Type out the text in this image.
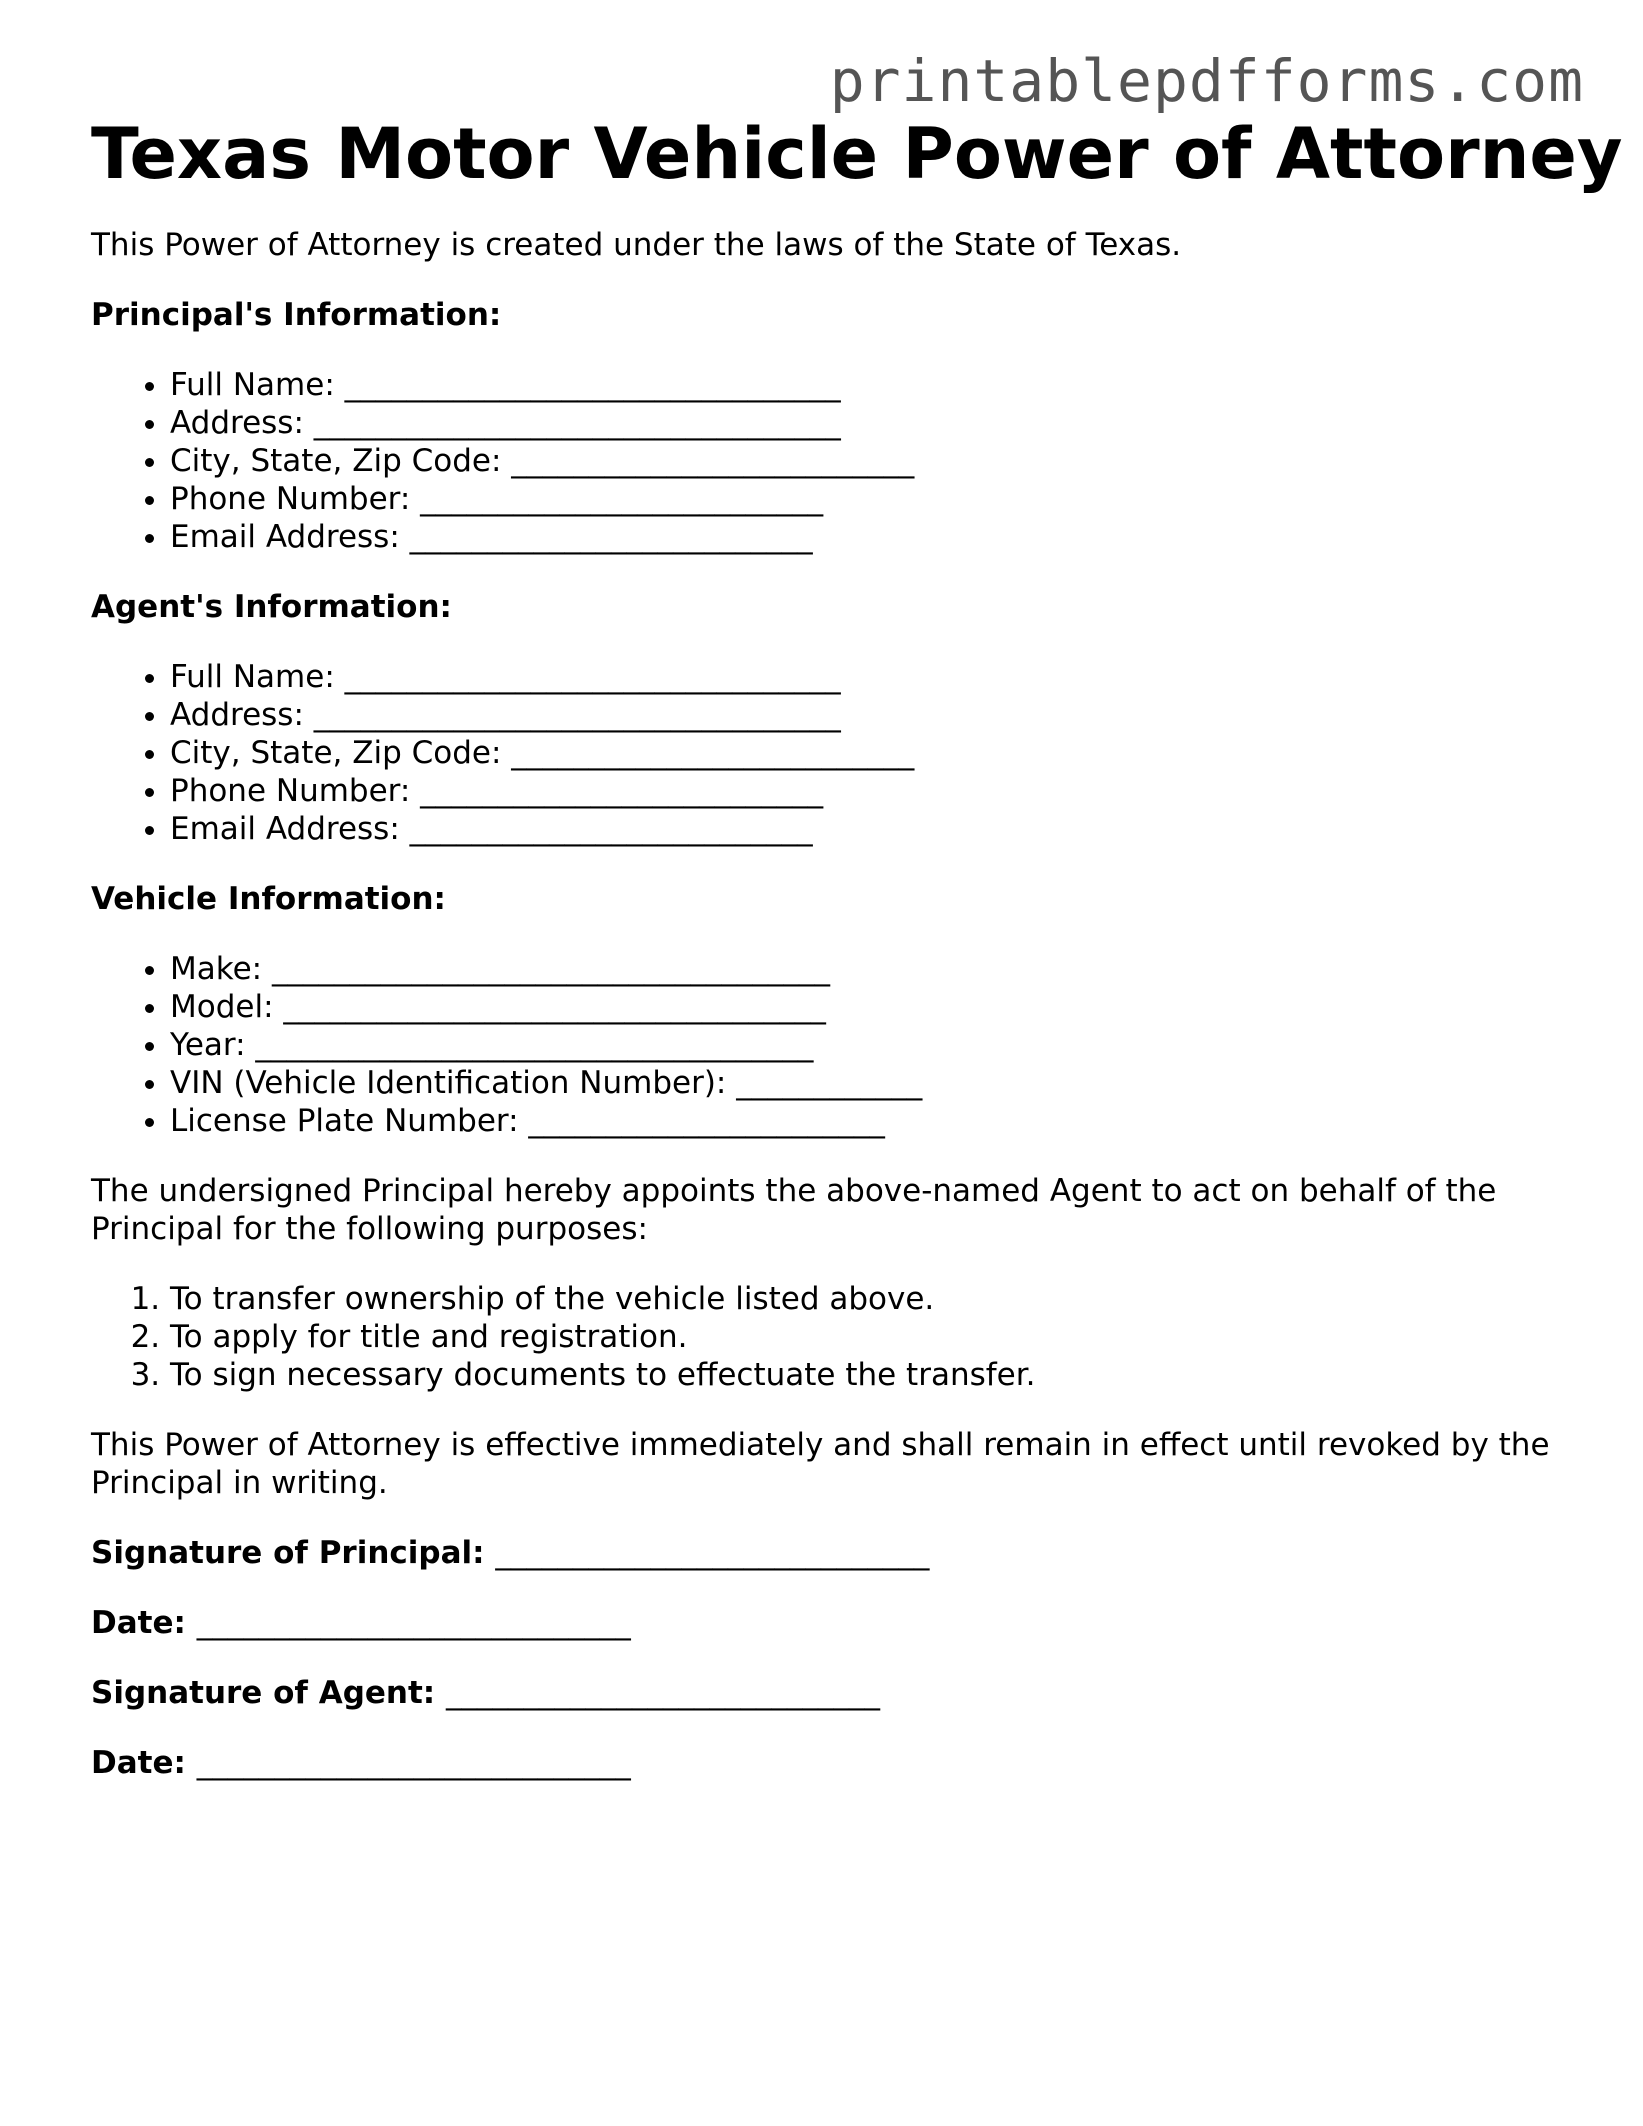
printablepdfforms.com
Texas Motor Vehicle Power of Attorney

This Power of Attorney is created under the laws of the State of Texas.

Principal's Information:

• Full Name: ________________________________
• Address: __________________________________
• City, State, Zip Code: __________________________
• Phone Number: __________________________
• Email Address: __________________________

Agent's Information:

• Full Name: ________________________________
• Address: __________________________________
• City, State, Zip Code: __________________________
• Phone Number: __________________________
• Email Address: __________________________

Vehicle Information:

• Make: ____________________________________
• Model: ___________________________________
• Year: ____________________________________
• VIN (Vehicle Identification Number): ____________
• License Plate Number: _______________________

The undersigned Principal hereby appoints the above-named Agent to act on behalf of the Principal for the following purposes:

1. To transfer ownership of the vehicle listed above.
2. To apply for title and registration.
3. To sign necessary documents to effectuate the transfer.

This Power of Attorney is effective immediately and shall remain in effect until revoked by the Principal in writing.

Signature of Principal: ____________________________

Date: ____________________________

Signature of Agent: ____________________________

Date: ____________________________
